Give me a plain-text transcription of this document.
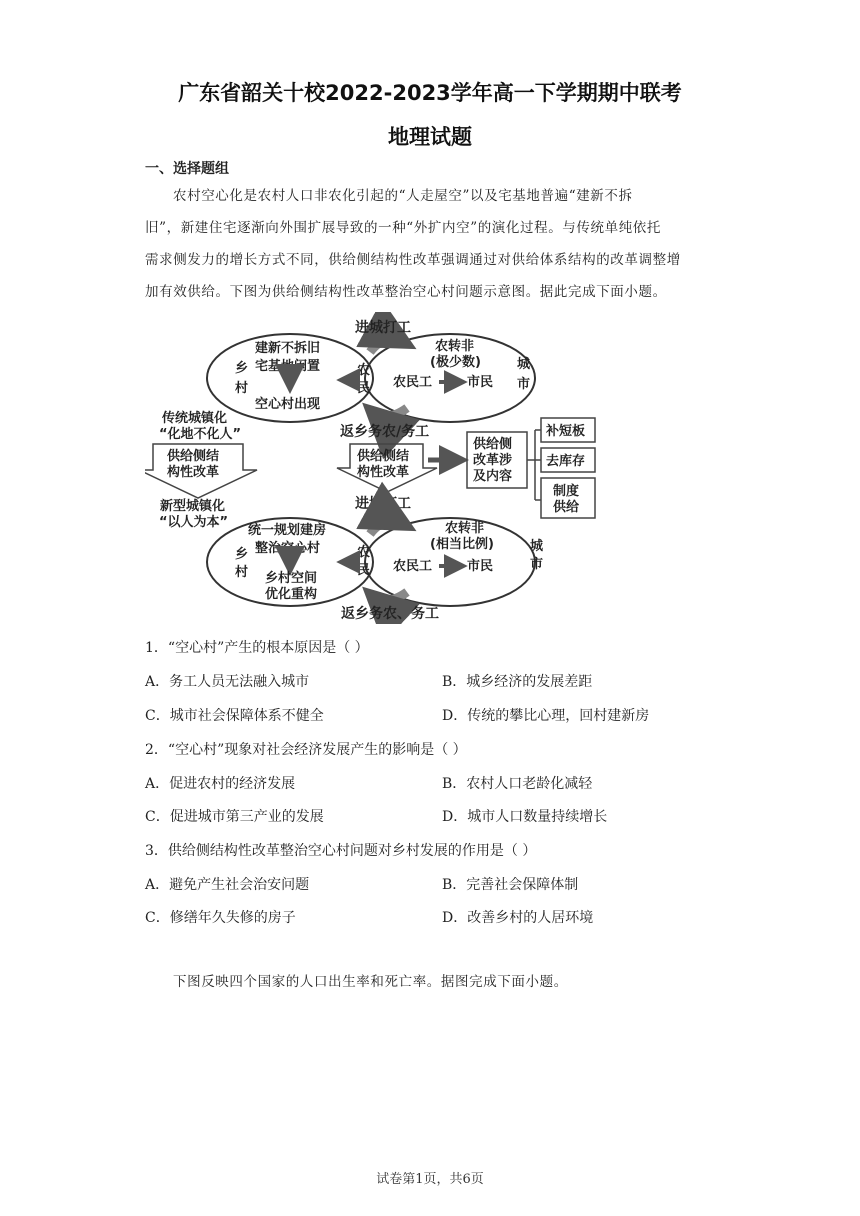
广东省韶关十校2022-2023学年高一下学期期中联考
地理试题
一、选择题组
农村空心化是农村人口非农化引起的“人走屋空”以及宅基地普遍“建新不拆
旧”，新建住宅逐渐向外围扩展导致的一种“外扩内空”的演化过程。与传统单纯依托
需求侧发力的增长方式不同，供给侧结构性改革强调通过对供给体系结构的改革调整增
加有效供给。下图为供给侧结构性改革整治空心村问题示意图。据此完成下面小题。
进城打工
建新不拆旧
宅基地闲置
空心村出现
乡
村
农
民
农转非
(极少数)
农民工	市民
城
市
返乡务农/务工
传统城镇化
“化地不化人”
供给侧结
构性改革
新型城镇化
“以人为本”
供给侧结
构性改革
供给侧
改革涉
及内容
补短板
去库存
制度
供给
进城打工
统一规划建房
整治空心村
乡村空间
优化重构
乡
村
农
民
农转非
(相当比例)
农民工	市民
城
市
返乡务农、务工
1．“空心村”产生的根本原因是（ ）
A．务工人员无法融入城市	B．城乡经济的发展差距
C．城市社会保障体系不健全	D．传统的攀比心理，回村建新房
2．“空心村”现象对社会经济发展产生的影响是（ ）
A．促进农村的经济发展	B．农村人口老龄化减轻
C．促进城市第三产业的发展	D．城市人口数量持续增长
3．供给侧结构性改革整治空心村问题对乡村发展的作用是（ ）
A．避免产生社会治安问题	B．完善社会保障体制
C．修缮年久失修的房子	D．改善乡村的人居环境
下图反映四个国家的人口出生率和死亡率。据图完成下面小题。
试卷第1页，共6页
